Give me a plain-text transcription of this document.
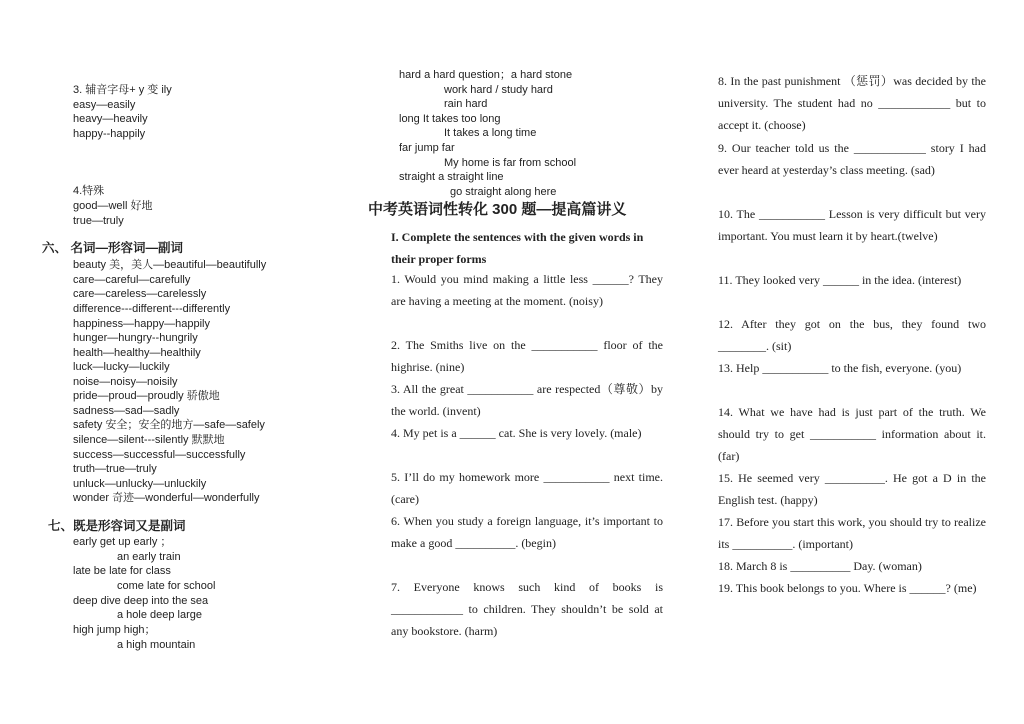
3. 辅音字母+ y 变 ily
easy—easily
heavy—heavily
happy--happily
4.特殊
good—well 好地
true—truly
六、 名词—形容词—副词
beauty 美，美人—beautiful—beautifully
care—careful—carefully
care—careless—carelessly
difference---different---differently
happiness—happy—happily
hunger—hungry--hungrily
health—healthy—healthily
luck—lucky—luckily
noise—noisy—noisily
pride—proud—proudly 骄傲地
sadness—sad—sadly
safety 安全；安全的地方—safe—safely
silence—silent---silently 默默地
success—successful—successfully
truth—true—truly
unluck—unlucky—unluckily
wonder 奇迹—wonderful—wonderfully
七、既是形容词又是副词
early get up early ；
an early train
late be late for class
come late for school
deep dive deep into the sea
a hole deep large
high jump high；
a high mountain
中考英语词性转化 300 题—提高篇讲义
I. Complete the sentences with the given words in their proper forms
hard a hard question；a hard stone
work hard / study hard
rain hard
long It takes too long
It takes a long time
far jump far
My home is far from school
straight a straight line
go straight along here
1. Would you mind making a little less ______? They are having a meeting at the moment. (noisy)
2. The Smiths live on the ___________ floor of the highrise. (nine)
3. All the great ___________ are respected（尊敬）by the world. (invent)
4. My pet is a ______ cat. She is very lovely. (male)
5. I’ll do my homework more ___________ next time. (care)
6. When you study a foreign language, it’s important to make a good __________. (begin)
7. Everyone knows such kind of books is ____________ to children. They shouldn’t be sold at any bookstore. (harm)
8. In the past punishment （惩罚）was decided by the university. The student had no ____________ but to accept it. (choose)
9. Our teacher told us the ____________ story I had ever heard at yesterday’s class meeting. (sad)
10. The ___________ Lesson is very difficult but very important. You must learn it by heart.(twelve)
11. They looked very ______ in the idea. (interest)
12. After they got on the bus, they found two ________. (sit)
13. Help ___________ to the fish, everyone. (you)
14. What we have had is just part of the truth. We should try to get ___________ information about it. (far)
15. He seemed very __________. He got a D in the English test. (happy)
17. Before you start this work, you should try to realize its __________. (important)
18. March 8 is __________ Day. (woman)
19. This book belongs to you. Where is ______? (me)
